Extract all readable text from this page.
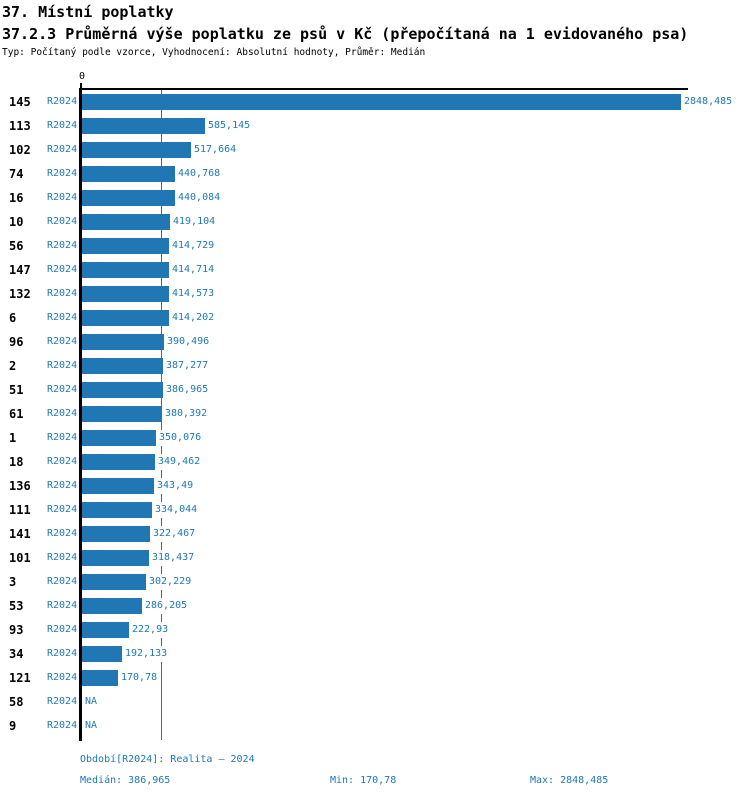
37. Místní poplatky
37.2.3 Průměrná výše poplatku ze psů v Kč (přepočítaná na 1 evidovaného psa)
Typ: Počítaný podle vzorce, Vyhodnocení: Absolutní hodnoty, Průměr: Medián
0
145 R2024	2848,485
113 R2024	585,145
102 R2024	517,664
74 R2024	440,768
16 R2024	440,084
10 R2024	419,104
56 R2024	414,729
147 R2024	414,714
132 R2024	414,573
6	R2024	414,202
96 R2024	390,496
2	R2024	387,277
51 R2024	386,965
61 R2024	380,392
1	R2024	350,076
18 R2024	349,462
136 R2024	343,49
111 R2024	334,044
141 R2024	322,467
101 R2024	318,437
3	R2024	302,229
53 R2024	286,205
93 R2024	222,93
34 R2024	192,133
121 R2024	170,78
58 R2024 NA
9	R2024 NA
Období[R2024]: Realita – 2024
Medián: 386,965	Min: 170,78	Max: 2848,485
